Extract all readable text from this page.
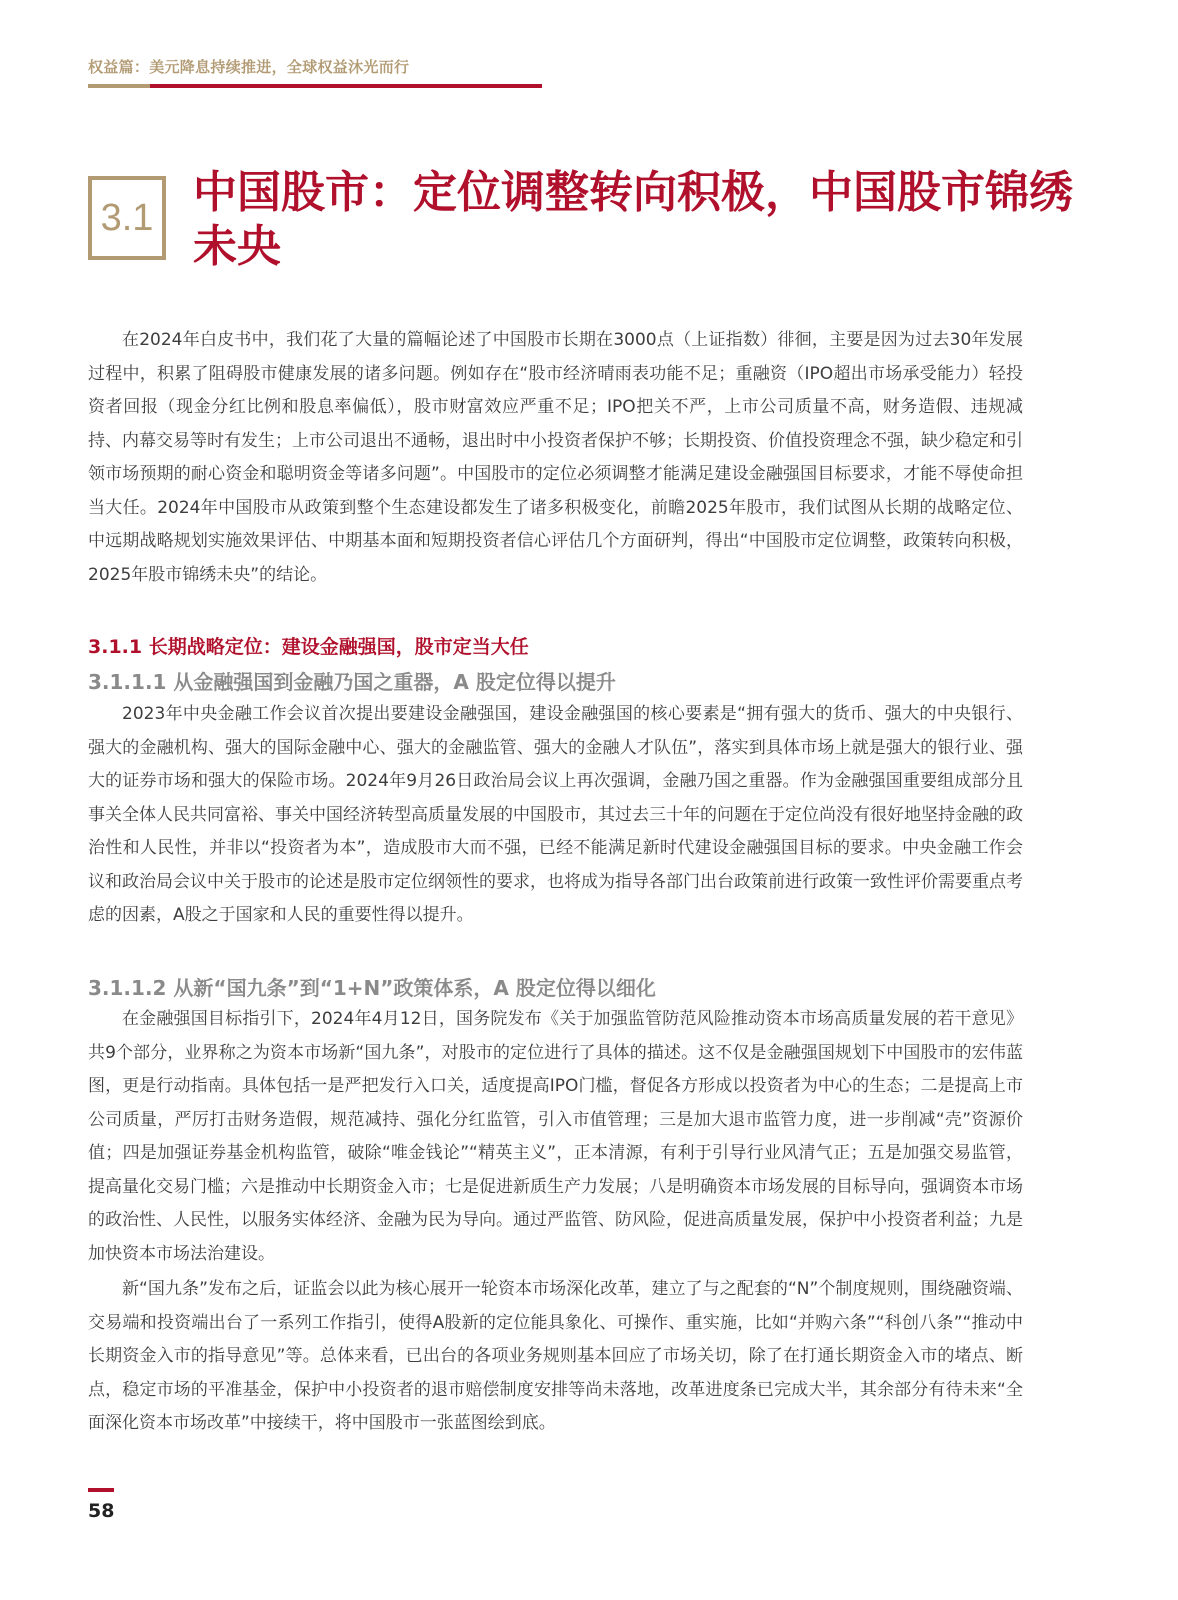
权益篇：美元降息持续推进，全球权益沐光而行
3.1 中国股市：定位调整转向积极，中国股市锦绣未央

在2024年白皮书中，我们花了大量的篇幅论述了中国股市长期在3000点（上证指数）徘徊，主要是因为过去30年发展过程中，积累了阻碍股市健康发展的诸多问题。例如存在“股市经济晴雨表功能不足；重融资（IPO超出市场承受能力）轻投资者回报（现金分红比例和股息率偏低），股市财富效应严重不足；IPO把关不严，上市公司质量不高，财务造假、违规减持、内幕交易等时有发生；上市公司退出不通畅，退出时中小投资者保护不够；长期投资、价值投资理念不强，缺少稳定和引领市场预期的耐心资金和聪明资金等诸多问题”。中国股市的定位必须调整才能满足建设金融强国目标要求，才能不辱使命担当大任。2024年中国股市从政策到整个生态建设都发生了诸多积极变化，前瞻2025年股市，我们试图从长期的战略定位、中远期战略规划实施效果评估、中期基本面和短期投资者信心评估几个方面研判，得出“中国股市定位调整，政策转向积极，2025年股市锦绣未央”的结论。

3.1.1 长期战略定位：建设金融强国，股市定当大任
3.1.1.1 从金融强国到金融乃国之重器，A 股定位得以提升

2023年中央金融工作会议首次提出要建设金融强国，建设金融强国的核心要素是“拥有强大的货币、强大的中央银行、强大的金融机构、强大的国际金融中心、强大的金融监管、强大的金融人才队伍”，落实到具体市场上就是强大的银行业、强大的证券市场和强大的保险市场。2024年9月26日政治局会议上再次强调，金融乃国之重器。作为金融强国重要组成部分且事关全体人民共同富裕、事关中国经济转型高质量发展的中国股市，其过去三十年的问题在于定位尚没有很好地坚持金融的政治性和人民性，并非以“投资者为本”，造成股市大而不强，已经不能满足新时代建设金融强国目标的要求。中央金融工作会议和政治局会议中关于股市的论述是股市定位纲领性的要求，也将成为指导各部门出台政策前进行政策一致性评价需要重点考虑的因素，A股之于国家和人民的重要性得以提升。

3.1.1.2 从新“国九条”到“1+N”政策体系，A 股定位得以细化

在金融强国目标指引下，2024年4月12日，国务院发布《关于加强监管防范风险推动资本市场高质量发展的若干意见》共9个部分，业界称之为资本市场新“国九条”，对股市的定位进行了具体的描述。这不仅是金融强国规划下中国股市的宏伟蓝图，更是行动指南。具体包括一是严把发行入口关，适度提高IPO门槛，督促各方形成以投资者为中心的生态；二是提高上市公司质量，严厉打击财务造假，规范减持、强化分红监管，引入市值管理；三是加大退市监管力度，进一步削减“壳”资源价值；四是加强证券基金机构监管，破除“唯金钱论”“精英主义”，正本清源，有利于引导行业风清气正；五是加强交易监管，提高量化交易门槛；六是推动中长期资金入市；七是促进新质生产力发展；八是明确资本市场发展的目标导向，强调资本市场的政治性、人民性，以服务实体经济、金融为民为导向。通过严监管、防风险，促进高质量发展，保护中小投资者利益；九是加快资本市场法治建设。

新“国九条”发布之后，证监会以此为核心展开一轮资本市场深化改革，建立了与之配套的“N”个制度规则，围绕融资端、交易端和投资端出台了一系列工作指引，使得A股新的定位能具象化、可操作、重实施，比如“并购六条”“科创八条”“推动中长期资金入市的指导意见”等。总体来看，已出台的各项业务规则基本回应了市场关切，除了在打通长期资金入市的堵点、断点，稳定市场的平准基金，保护中小投资者的退市赔偿制度安排等尚未落地，改革进度条已完成大半，其余部分有待未来“全面深化资本市场改革”中接续干，将中国股市一张蓝图绘到底。

58
